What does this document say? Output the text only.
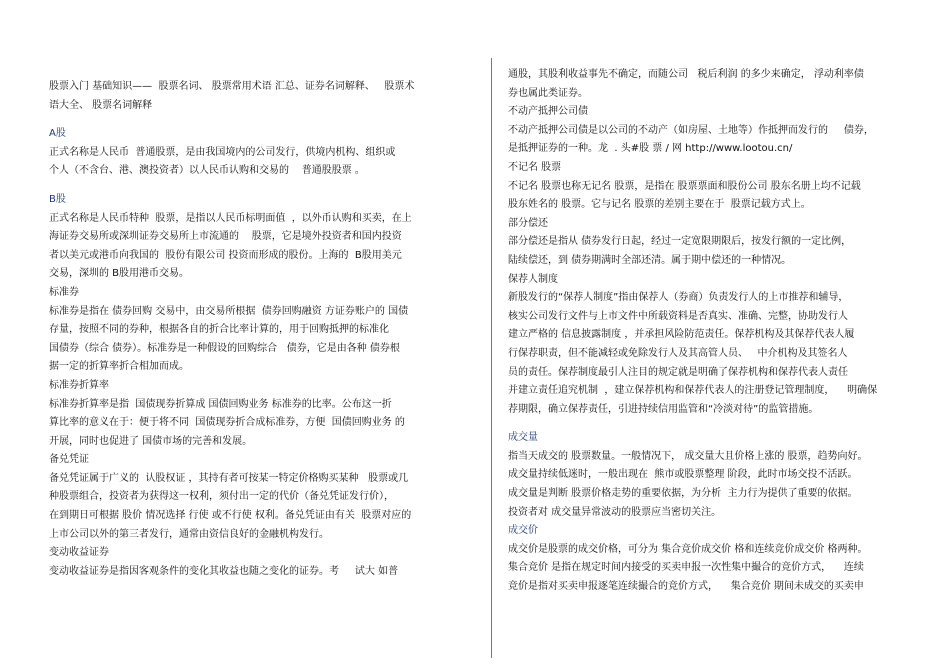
股票入门 基础知识——  股票名词、 股票常用术语 汇总、证券名词解释、   股票术

语大全、 股票名词解释

A股

正式名称是人民币  普通股票，是由我国境内的公司发行，供境内机构、组织或

个人（不含台、港、澳投资者）以人民币认购和交易的    普通股股票 。

B股

正式名称是人民币特种  股票，是指以人民币标明面值  ，以外币认购和买卖，在上

海证券交易所或深圳证券交易所上市流通的    股票，它是境外投资者和国内投资

者以美元或港币向我国的  股份有限公司 投资而形成的股份。上海的  B股用美元

交易，深圳的 B股用港币交易。

标准券

标准券是指在 债券回购 交易中，由交易所根据  债券回购融资 方证券账户的 国债

存量，按照不同的券种，根据各自的折合比率计算的，用于回购抵押的标准化

国债券（综合 债券）。标准券是一种假设的回购综合   债券，它是由各种 债券根

据一定的折算率折合相加而成。

标准券折算率

标准券折算率是指  国债现券折算成 国债回购业务 标准券的比率。公布这一折

算比率的意义在于：便于将不同  国债现券折合成标准券，方便  国债回购业务 的

开展，同时也促进了 国债市场的完善和发展。

备兑凭证

备兑凭证属于广义的  认股权证 ，其持有者可按某一特定价格购买某种   股票或几

种股票组合，投资者为获得这一权利，须付出一定的代价（备兑凭证发行价），

在到期日可根据 股价 情况选择 行使 或不行使 权利。备兑凭证由有关  股票对应的

上市公司以外的第三者发行，通常由资信良好的金融机构发行。

变动收益证券

变动收益证券是指因客观条件的变化其收益也随之变化的证券。考     试大 如普

通股，其股利收益事先不确定，而随公司   税后利润 的多少来确定， 浮动利率债

券也属此类证券。

不动产抵押公司债

不动产抵押公司债是以公司的不动产（如房屋、土地等）作抵押而发行的     债券，

是抵押证券的一种。龙  . 头#股 票 / 网 http://www.lootou.cn/

不记名 股票

不记名 股票也称无记名 股票，是指在 股票票面和股份公司 股东名册上均不记载

股东姓名的 股票。它与记名 股票的差别主要在于  股票记载方式上。

部分偿还

部分偿还是指从 债券发行日起，经过一定宽限期限后，按发行额的一定比例，

陆续偿还，到 债券期满时全部还清。属于期中偿还的一种情况。

保荐人制度

新股发行的“保荐人制度”指由保荐人（券商）负责发行人的上市推荐和辅导，

核实公司发行文件与上市文件中所载资料是否真实、准确、完整，协助发行人

建立严格的 信息披露制度 ，并承担风险防范责任。保荐机构及其保荐代表人履

行保荐职责，但不能减轻或免除发行人及其高管人员、   中介机构及其签名人

员的责任。保荐制度最引人注目的规定就是明确了保荐机构和保荐代表人责任

并建立责任追究机制  ，建立保荐机构和保荐代表人的注册登记管理制度，    明确保

荐期限，确立保荐责任，引进持续信用监管和“冷淡对待”的监管措施。

成交量

指当天成交的 股票数量。一般情况下， 成交量大且价格上涨的 股票，趋势向好。

成交量持续低迷时，一般出现在  熊市或股票整理 阶段，此时市场交投不活跃。

成交量是判断 股票价格走势的重要依据，为分析  主力行为提供了重要的依据。

投资者对 成交量异常波动的股票应当密切关注。

成交价

成交价是股票的成交价格，可分为 集合竞价成交价 格和连续竞价成交价 格两种。

集合竞价 是指在规定时间内接受的买卖申报一次性集中撮合的竞价方式，    连续

竞价是指对买卖申报逐笔连续撮合的竞价方式，    集合竞价 期间未成交的买卖申
